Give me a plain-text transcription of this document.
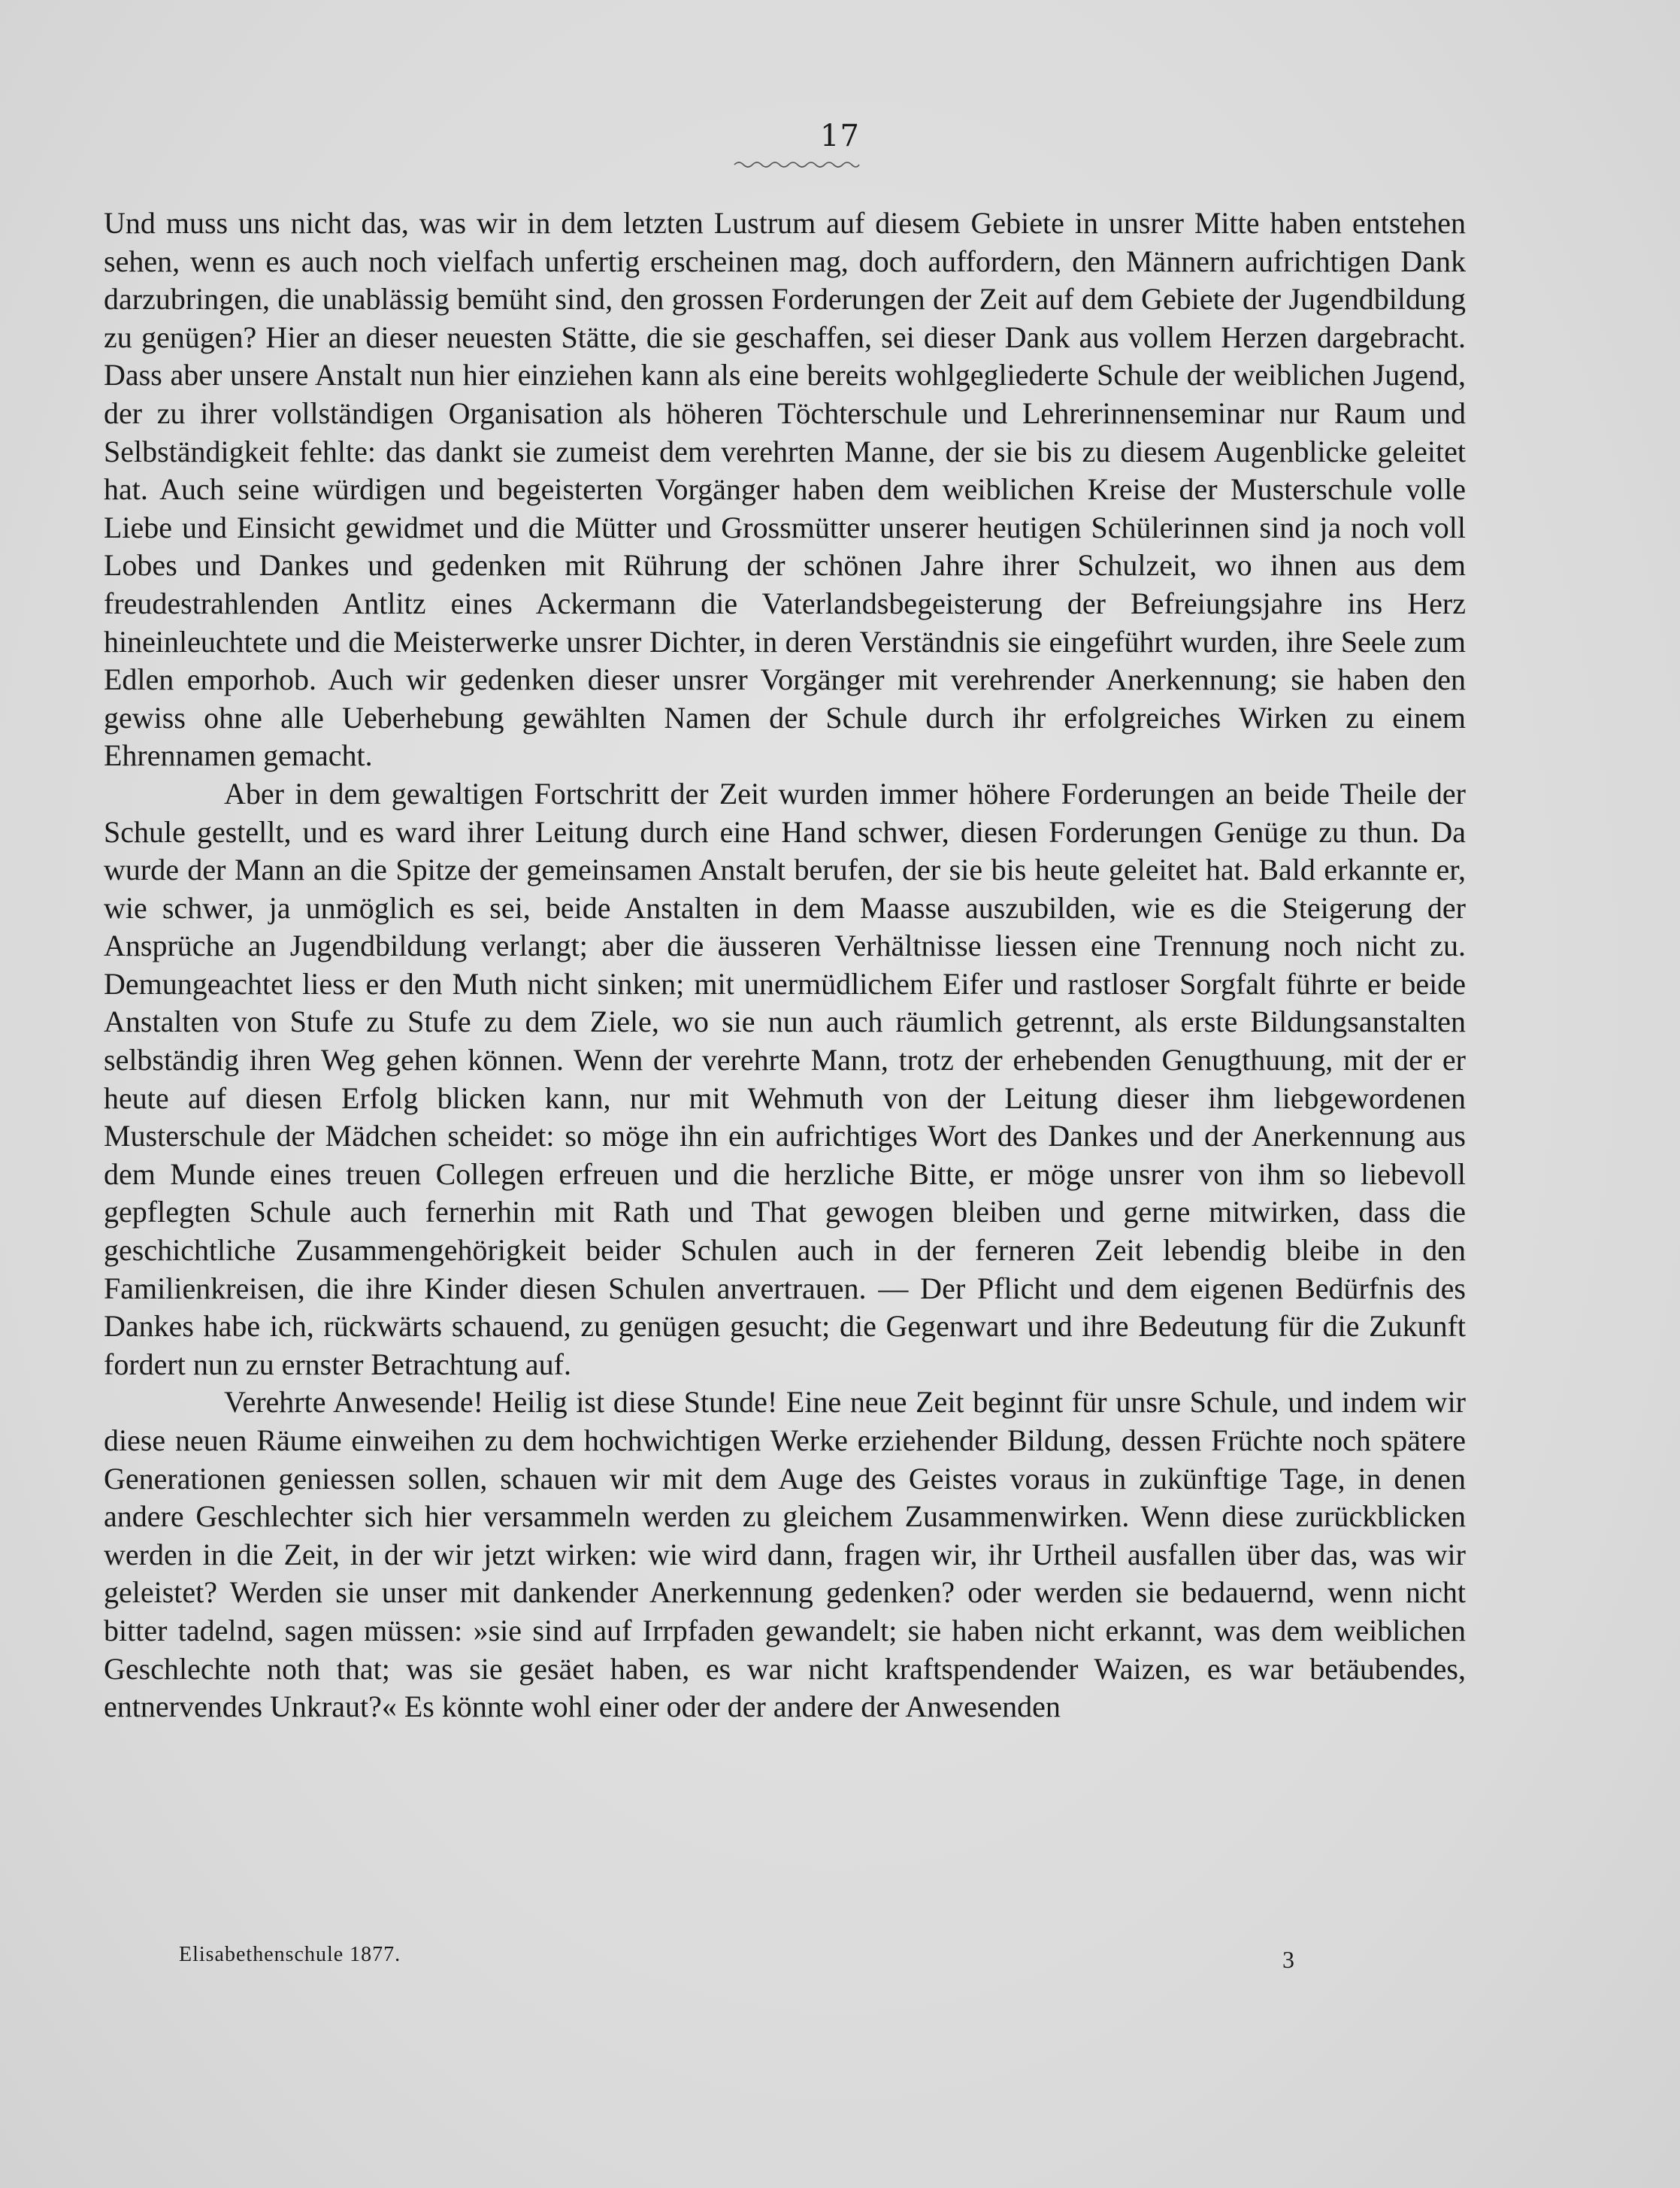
17

Und muss uns nicht das, was wir in dem letzten Lustrum auf diesem Gebiete in unsrer Mitte haben entstehen sehen, wenn es auch noch vielfach unfertig erscheinen mag, doch auffordern, den Männern aufrichtigen Dank darzubringen, die unablässig bemüht sind, den grossen Forderungen der Zeit auf dem Gebiete der Jugendbildung zu genügen? Hier an dieser neuesten Stätte, die sie geschaffen, sei dieser Dank aus vollem Herzen dargebracht. Dass aber unsere Anstalt nun hier einziehen kann als eine bereits wohlgegliederte Schule der weiblichen Jugend, der zu ihrer vollständigen Organisation als höheren Töchterschule und Lehrerinnenseminar nur Raum und Selbständigkeit fehlte: das dankt sie zumeist dem verehrten Manne, der sie bis zu diesem Augenblicke geleitet hat. Auch seine würdigen und begeisterten Vorgänger haben dem weiblichen Kreise der Musterschule volle Liebe und Einsicht gewidmet und die Mütter und Grossmütter unserer heutigen Schülerinnen sind ja noch voll Lobes und Dankes und gedenken mit Rührung der schönen Jahre ihrer Schulzeit, wo ihnen aus dem freudestrahlenden Antlitz eines Ackermann die Vaterlandsbegeisterung der Befreiungsjahre ins Herz hineinleuchtete und die Meisterwerke unsrer Dichter, in deren Verständnis sie eingeführt wurden, ihre Seele zum Edlen emporhob. Auch wir gedenken dieser unsrer Vorgänger mit verehrender Anerkennung; sie haben den gewiss ohne alle Ueberhebung gewählten Namen der Schule durch ihr erfolgreiches Wirken zu einem Ehrennamen gemacht.

Aber in dem gewaltigen Fortschritt der Zeit wurden immer höhere Forderungen an beide Theile der Schule gestellt, und es ward ihrer Leitung durch eine Hand schwer, diesen Forderungen Genüge zu thun. Da wurde der Mann an die Spitze der gemeinsamen Anstalt berufen, der sie bis heute geleitet hat. Bald erkannte er, wie schwer, ja unmöglich es sei, beide Anstalten in dem Maasse auszubilden, wie es die Steigerung der Ansprüche an Jugendbildung verlangt; aber die äusseren Verhältnisse liessen eine Trennung noch nicht zu. Demungeachtet liess er den Muth nicht sinken; mit unermüdlichem Eifer und rastloser Sorgfalt führte er beide Anstalten von Stufe zu Stufe zu dem Ziele, wo sie nun auch räumlich getrennt, als erste Bildungsanstalten selbständig ihren Weg gehen können. Wenn der verehrte Mann, trotz der erhebenden Genugthuung, mit der er heute auf diesen Erfolg blicken kann, nur mit Wehmuth von der Leitung dieser ihm liebgewordenen Musterschule der Mädchen scheidet: so möge ihn ein aufrichtiges Wort des Dankes und der Anerkennung aus dem Munde eines treuen Collegen erfreuen und die herzliche Bitte, er möge unsrer von ihm so liebevoll gepflegten Schule auch fernerhin mit Rath und That gewogen bleiben und gerne mitwirken, dass die geschichtliche Zusammengehörigkeit beider Schulen auch in der ferneren Zeit lebendig bleibe in den Familienkreisen, die ihre Kinder diesen Schulen anvertrauen. — Der Pflicht und dem eigenen Bedürfnis des Dankes habe ich, rückwärts schauend, zu genügen gesucht; die Gegenwart und ihre Bedeutung für die Zukunft fordert nun zu ernster Betrachtung auf.

Verehrte Anwesende! Heilig ist diese Stunde! Eine neue Zeit beginnt für unsre Schule, und indem wir diese neuen Räume einweihen zu dem hochwichtigen Werke erziehender Bildung, dessen Früchte noch spätere Generationen geniessen sollen, schauen wir mit dem Auge des Geistes voraus in zukünftige Tage, in denen andere Geschlechter sich hier versammeln werden zu gleichem Zusammenwirken. Wenn diese zurückblicken werden in die Zeit, in der wir jetzt wirken: wie wird dann, fragen wir, ihr Urtheil ausfallen über das, was wir geleistet? Werden sie unser mit dankender Anerkennung gedenken? oder werden sie bedauernd, wenn nicht bitter tadelnd, sagen müssen: »sie sind auf Irrpfaden gewandelt; sie haben nicht erkannt, was dem weiblichen Geschlechte noth that; was sie gesäet haben, es war nicht kraftspendender Waizen, es war betäubendes, entnervendes Unkraut?« Es könnte wohl einer oder der andere der Anwesenden

Elisabethenschule 1877.	3
